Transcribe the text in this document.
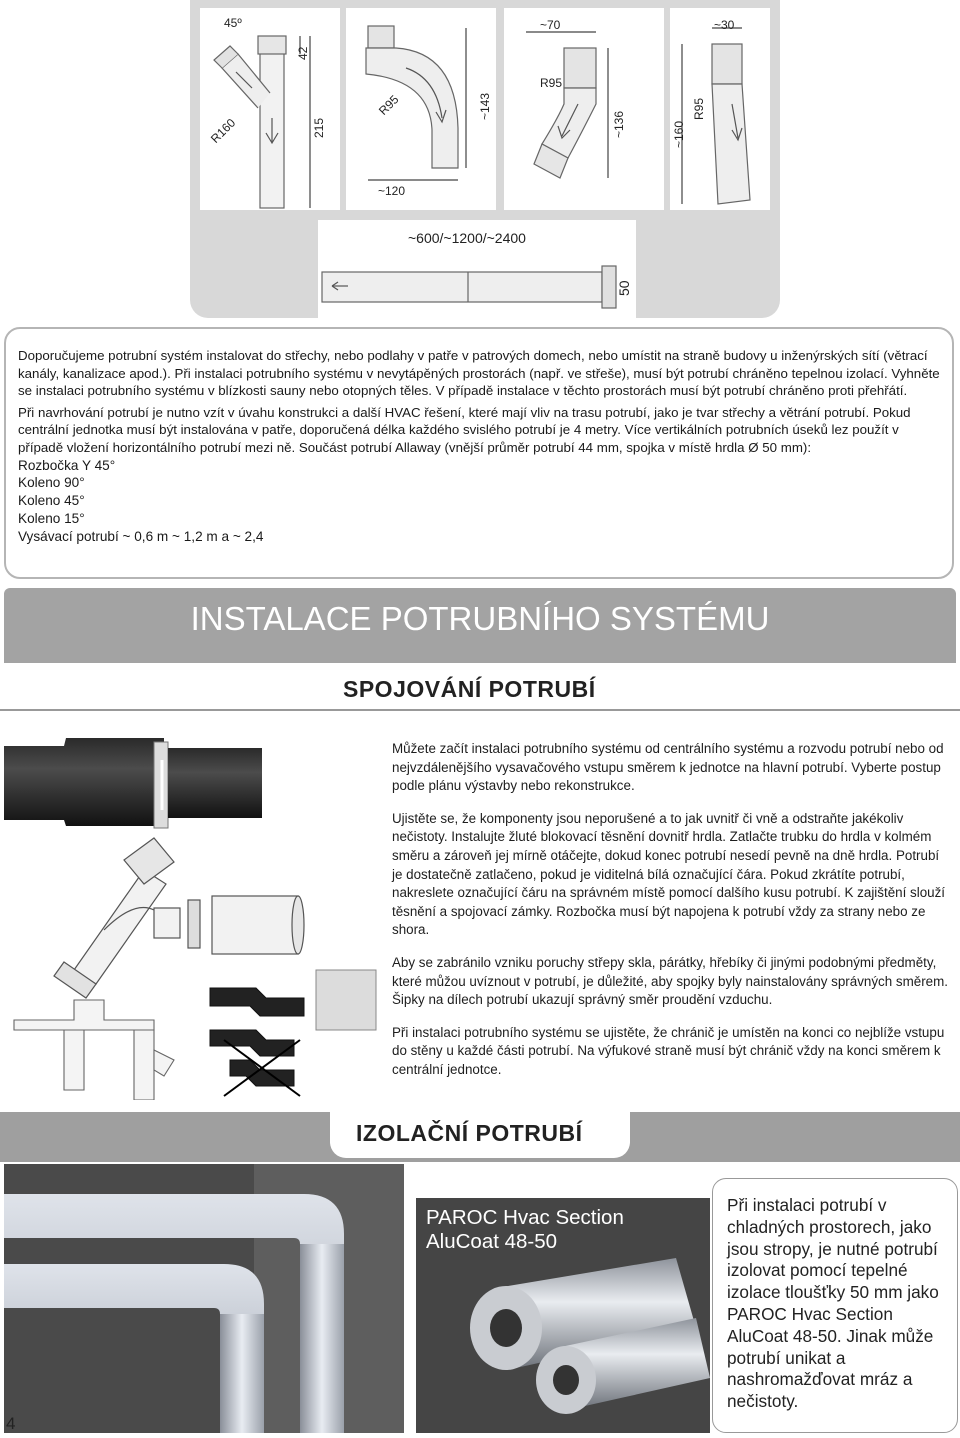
45º
42
215
R160
R95	~143
~120
~70
~136
R95
~30
~160
R95
~600/~1200/~2400
50

Doporučujeme potrubní systém instalovat do střechy, nebo podlahy v patře v patrových domech, nebo umístit na straně budovy u inženýrských sítí (větrací kanály, kanalizace apod.). Při instalaci potrubního systému v nevytápěných prostorách (např. ve střeše), musí být potrubí chráněno tepelnou izolací. Vyhněte se instalaci potrubního systému v blízkosti sauny nebo otopných těles. V případě instalace v těchto prostorách musí být potrubí chráněno proti přehřátí.

Při navrhování potrubí je nutno vzít v úvahu konstrukci a další HVAC řešení, které mají vliv na trasu potrubí, jako je tvar střechy a větrání potrubí. Pokud centrální jednotka musí být instalována v patře, doporučená délka každého svislého potrubí je 4 metry. Více vertikálních potrubních úseků lez použít v případě vložení horizontálního potrubí mezi ně. Součást potrubí Allaway (vnější průměr potrubí 44 mm, spojka v místě hrdla Ø 50 mm):

Rozbočka Y 45°
Koleno 90°
Koleno 45°
Koleno 15°
Vysávací potrubí ~ 0,6 m ~ 1,2 m a ~ 2,4
INSTALACE POTRUBNÍHO SYSTÉMU
SPOJOVÁNÍ POTRUBÍ

Můžete začít instalaci potrubního systému od centrálního systému a rozvodu potrubí nebo od nejvzdálenějšího vysavačového vstupu směrem k jednotce na hlavní potrubí. Vyberte postup podle plánu výstavby nebo rekonstrukce.

Ujistěte se, že komponenty jsou neporušené a to jak uvnitř či vně a odstraňte jakékoliv nečistoty. Instalujte žluté blokovací těsnění dovnitř hrdla. Zatlačte trubku do hrdla v kolmém směru a zároveň jej mírně otáčejte, dokud konec potrubí nesedí pevně na dně hrdla. Potrubí je dostatečně zatlačeno, pokud je viditelná bílá označující čára. Pokud zkrátíte potrubí, nakreslete označující čáru na správném místě pomocí dalšího kusu potrubí. K zajištění slouží těsnění a spojovací zámky. Rozbočka musí být napojena k potrubí vždy za strany nebo ze shora.

Aby se zabránilo vzniku poruchy střepy skla, párátky, hřebíky či jinými podobnými předměty, které můžou uvíznout v potrubí, je důležité, aby spojky byly nainstalovány správných směrem. Šipky na dílech potrubí ukazují správný směr proudění vzduchu.

Při instalaci potrubního systému se ujistěte, že chránič je umístěn na konci co nejblíže vstupu do stěny u každé části potrubí. Na výfukové straně musí být chránič vždy na konci směrem k centrální jednotce.

IZOLAČNÍ POTRUBÍ
PAROC Hvac Section AluCoat 48-50
Při instalaci potrubí v chladných prostorech, jako jsou stropy, je nutné potrubí izolovat pomocí tepelné izolace tloušťky 50 mm jako PAROC Hvac Section AluCoat 48-50. Jinak může potrubí unikat a nashromažďovat mráz a nečistoty.
4
